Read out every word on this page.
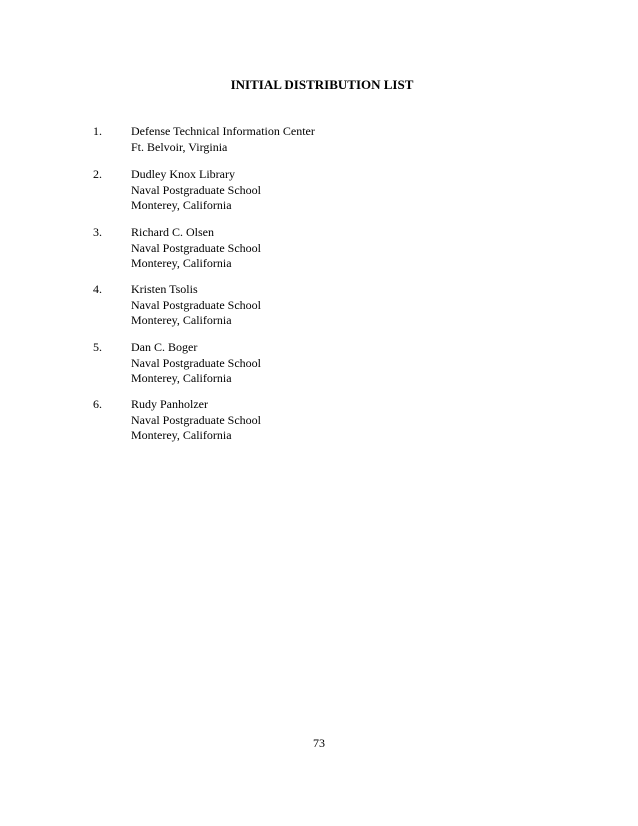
INITIAL DISTRIBUTION LIST
1. Defense Technical Information Center
Ft. Belvoir, Virginia
2. Dudley Knox Library
Naval Postgraduate School
Monterey, California
3. Richard C. Olsen
Naval Postgraduate School
Monterey, California
4. Kristen Tsolis
Naval Postgraduate School
Monterey, California
5. Dan C. Boger
Naval Postgraduate School
Monterey, California
6. Rudy Panholzer
Naval Postgraduate School
Monterey, California
73
